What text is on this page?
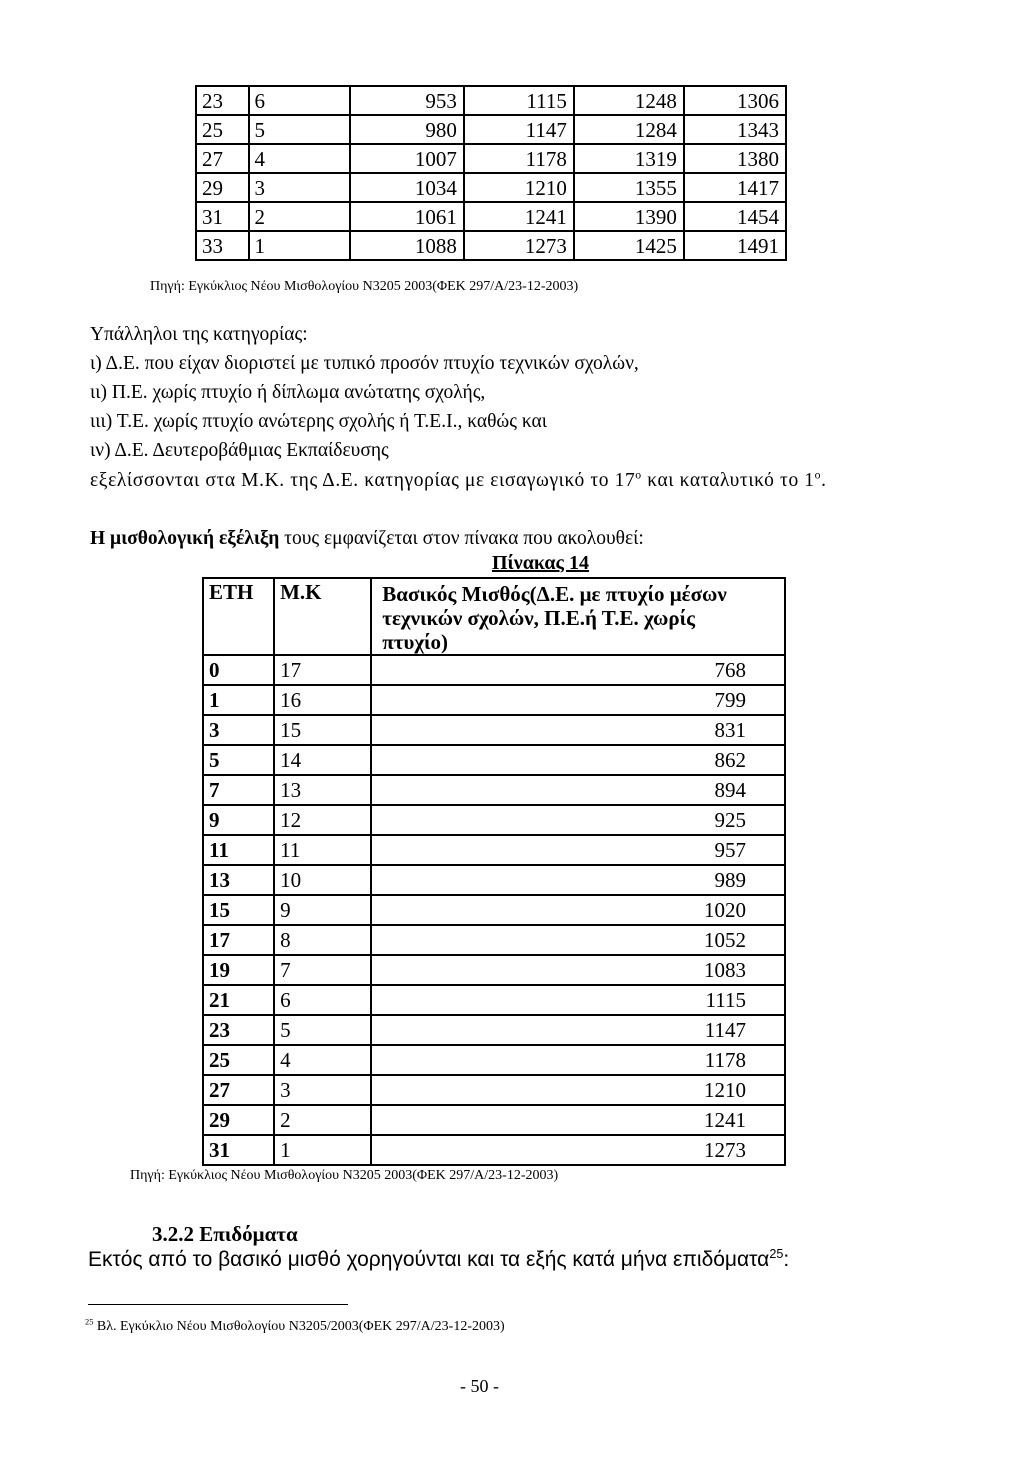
23	6	953	1115	1248	1306
25	5	980	1147	1284	1343
27	4	1007	1178	1319	1380
29	3	1034	1210	1355	1417
31	2	1061	1241	1390	1454
33	1	1088	1273	1425	1491
Πηγή: Εγκύκλιος Νέου Μισθολογίου Ν3205 2003(ΦΕΚ 297/Α/23-12-2003)
Υπάλληλοι της κατηγορίας:
ι) Δ.Ε. που είχαν διοριστεί με τυπικό προσόν πτυχίο τεχνικών σχολών,
ιι) Π.Ε. χωρίς πτυχίο ή δίπλωμα ανώτατης σχολής,
ιιι) Τ.Ε. χωρίς πτυχίο ανώτερης σχολής ή Τ.Ε.Ι., καθώς και
ιν) Δ.Ε. Δευτεροβάθμιας Εκπαίδευσης
εξελίσσονται στα Μ.Κ. της Δ.Ε. κατηγορίας με εισαγωγικό το $17^o$ και καταλυτικό το $1^o$.
Η μισθολογική εξέλιξη τους εμφανίζεται στον πίνακα που ακολουθεί:
Πίνακας 14
ΕΤΗ	Μ.Κ	Βασικός Μισθός(Δ.Ε. με πτυχίο μέσων τεχνικών σχολών, Π.Ε.ή Τ.Ε. χωρίς πτυχίο)
0	17	768
1	16	799
3	15	831
5	14	862
7	13	894
9	12	925
11	11	957
13	10	989
15	9	1020
17	8	1052
19	7	1083
21	6	1115
23	5	1147
25	4	1178
27	3	1210
29	2	1241
31	1	1273
Πηγή: Εγκύκλιος Νέου Μισθολογίου Ν3205 2003(ΦΕΚ 297/Α/23-12-2003)
3.2.2 Επιδόματα
Εκτός από το βασικό μισθό χορηγούνται και τα εξής κατά μήνα επιδόματα$^{25}$:
$^{25}$ Βλ. Εγκύκλιο Νέου Μισθολογίου Ν3205/2003(ΦΕΚ 297/Α/23-12-2003)
- 50 -
